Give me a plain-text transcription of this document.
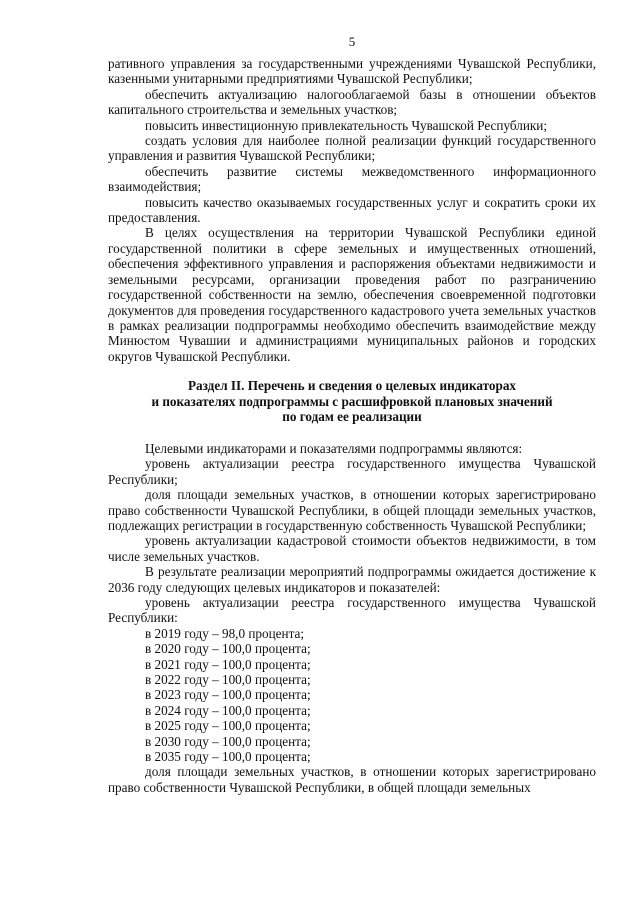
5

ративного управления за государственными учреждениями Чувашской Республики, казенными унитарными предприятиями Чувашской Республики;

обеспечить актуализацию налогооблагаемой базы в отношении объектов капитального строительства и земельных участков;

повысить инвестиционную привлекательность Чувашской Республики;

создать условия для наиболее полной реализации функций государственного управления и развития Чувашской Республики;

обеспечить развитие системы межведомственного информационного взаимодействия;

повысить качество оказываемых государственных услуг и сократить сроки их предоставления.

В целях осуществления на территории Чувашской Республики единой государственной политики в сфере земельных и имущественных отношений, обеспечения эффективного управления и распоряжения объектами недвижимости и земельными ресурсами, организации проведения работ по разграничению государственной собственности на землю, обеспечения своевременной подготовки документов для проведения государственного кадастрового учета земельных участков в рамках реализации подпрограммы необходимо обеспечить взаимодействие между Минюстом Чувашии и администрациями муниципальных районов и городских округов Чувашской Республики.

Раздел II. Перечень и сведения о целевых индикаторах
и показателях подпрограммы с расшифровкой плановых значений
по годам ее реализации

Целевыми индикаторами и показателями подпрограммы являются:

уровень актуализации реестра государственного имущества Чувашской Республики;

доля площади земельных участков, в отношении которых зарегистрировано право собственности Чувашской Республики, в общей площади земельных участков, подлежащих регистрации в государственную собственность Чувашской Республики;

уровень актуализации кадастровой стоимости объектов недвижимости, в том числе земельных участков.

В результате реализации мероприятий подпрограммы ожидается достижение к 2036 году следующих целевых индикаторов и показателей:

уровень актуализации реестра государственного имущества Чувашской Республики:

в 2019 году – 98,0 процента;

в 2020 году – 100,0 процента;

в 2021 году – 100,0 процента;

в 2022 году – 100,0 процента;

в 2023 году – 100,0 процента;

в 2024 году – 100,0 процента;

в 2025 году – 100,0 процента;

в 2030 году – 100,0 процента;

в 2035 году – 100,0 процента;

доля площади земельных участков, в отношении которых зарегистрировано право собственности Чувашской Республики, в общей площади земельных
